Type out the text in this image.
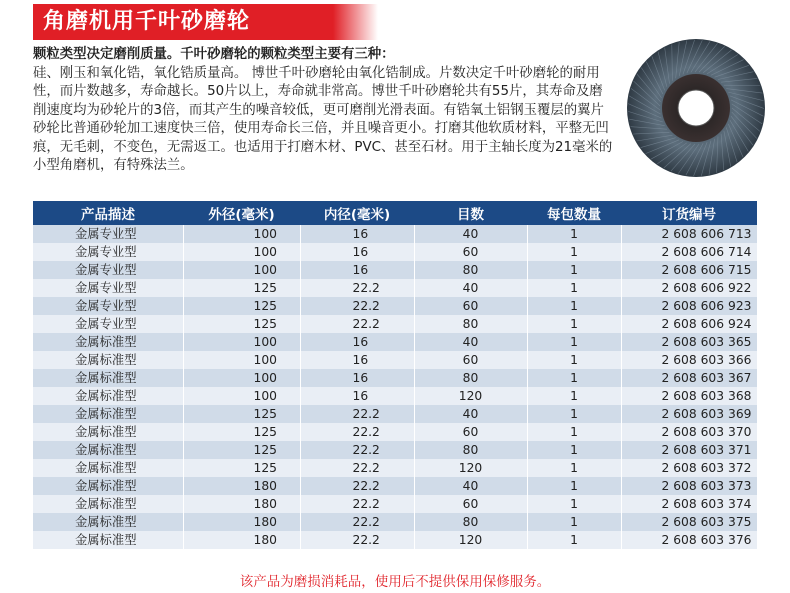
角磨机用千叶砂磨轮
颗粒类型决定磨削质量。千叶砂磨轮的颗粒类型主要有三种：
硅、刚玉和氧化锆，氧化锆质量高。 博世千叶砂磨轮由氧化锆制成。片数决定千叶砂磨轮的耐用性，而片数越多，寿命越长。50片以上，寿命就非常高。博世千叶砂磨轮共有55片，其寿命及磨削速度均为砂轮片的3倍，而其产生的噪音较低，更可磨削光滑表面。有锆氧土铝钢玉覆层的翼片砂轮比普通砂轮加工速度快三倍，使用寿命长三倍，并且噪音更小。打磨其他软质材料，平整无凹痕，无毛刺，不变色，无需返工。也适用于打磨木材、PVC、甚至石材。用于主轴长度为21毫米的小型角磨机，有特殊法兰。
产品描述	外径(毫米)	内径(毫米)	目数	每包数量	订货编号
金属专业型	100	16	40	1	2 608 606 713
金属专业型	100	16	60	1	2 608 606 714
金属专业型	100	16	80	1	2 608 606 715
金属专业型	125	22.2	40	1	2 608 606 922
金属专业型	125	22.2	60	1	2 608 606 923
金属专业型	125	22.2	80	1	2 608 606 924
金属标准型	100	16	40	1	2 608 603 365
金属标准型	100	16	60	1	2 608 603 366
金属标准型	100	16	80	1	2 608 603 367
金属标准型	100	16	120	1	2 608 603 368
金属标准型	125	22.2	40	1	2 608 603 369
金属标准型	125	22.2	60	1	2 608 603 370
金属标准型	125	22.2	80	1	2 608 603 371
金属标准型	125	22.2	120	1	2 608 603 372
金属标准型	180	22.2	40	1	2 608 603 373
金属标准型	180	22.2	60	1	2 608 603 374
金属标准型	180	22.2	80	1	2 608 603 375
金属标准型	180	22.2	120	1	2 608 603 376
该产品为磨损消耗品，使用后不提供保用保修服务。
